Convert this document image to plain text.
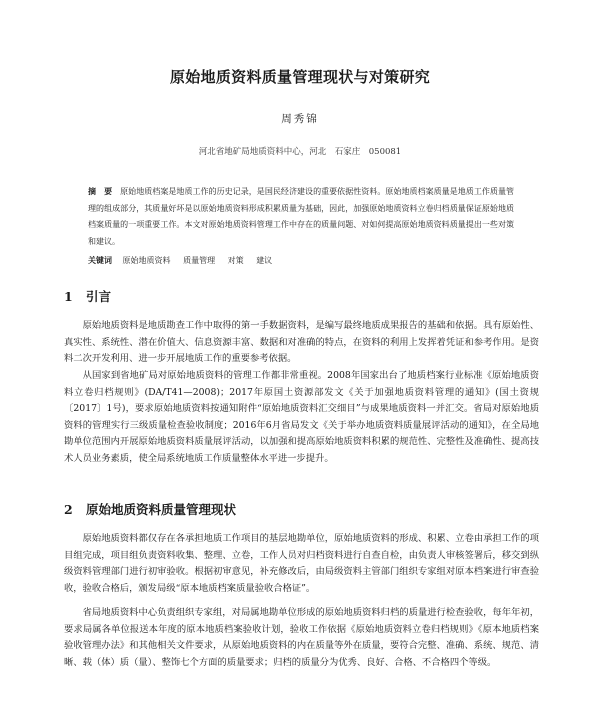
原始地质资料质量管理现状与对策研究
周秀锦
河北省地矿局地质资料中心，河北　石家庄　050081
摘　要 原始地质档案是地质工作的历史记录，是国民经济建设的重要依据性资料。原始地质档案质量是地质工作质量管理的组成部分，其质量好坏是以原始地质资料形成积累质量为基础，因此，加强原始地质资料立卷归档质量保证原始地质档案质量的一项重要工作。本文对原始地质资料管理工作中存在的质量问题、对如何提高原始地质资料质量提出一些对策和建议。
关键词 原始地质资料 质量管理 对策 建议
1 引言

原始地质资料是地质勘查工作中取得的第一手数据资料，是编写最终地质成果报告的基础和依据。具有原始性、真实性、系统性、潜在价值大、信息资源丰富、数据和对准确的特点，在资料的利用上发挥着凭证和参考作用。是资料二次开发利用、进一步开展地质工作的重要参考依据。

从国家到省地矿局对原始地质资料的管理工作都非常重视。2008年国家出台了地质档案行业标准《原始地质资料立卷归档规则》(DA/T41—2008)；2017年原国土资源部发文《关于加强地质资料管理的通知》(国土资规〔2017〕1号)，要求原始地质资料按通知附件“原始地质资料汇交细目”与成果地质资料一并汇交。省局对原始地质资料的管理实行三级质量检查验收制度；2016年6月省局发文《关于举办地质资料质量展评活动的通知》，在全局地勘单位范围内开展原始地质资料质量展评活动，以加强和提高原始地质资料积累的规范性、完整性及准确性、提高技术人员业务素质，使全局系统地质工作质量整体水平进一步提升。

2 原始地质资料质量管理现状

原始地质资料都仅存在各承担地质工作项目的基层地勘单位，原始地质资料的形成、积累、立卷由承担工作的项目组完成，项目组负责资料收集、整理、立卷，工作人员对归档资料进行自查自检，由负责人审核签署后，移交到纵级资料管理部门进行初审验收。根据初审意见，补充修改后，由局级资料主管部门组织专家组对原本档案进行审查验收，验收合格后，颁发局级“原本地质档案质量验收合格证”。

省局地质资料中心负责组织专家组，对局属地勘单位形成的原始地质资料归档的质量进行检查验收，每年年初，要求局属各单位报送本年度的原本地质档案验收计划，验收工作依据《原始地质资料立卷归档规则》《原本地质档案验收管理办法》和其他相关文件要求，从原始地质资料的内在质量等外在质量，要符合完整、准确、系统、规范、清晰、载（体）质（量）、整饰七个方面的质量要求；归档的质量分为优秀、良好、合格、不合格四个等级。
